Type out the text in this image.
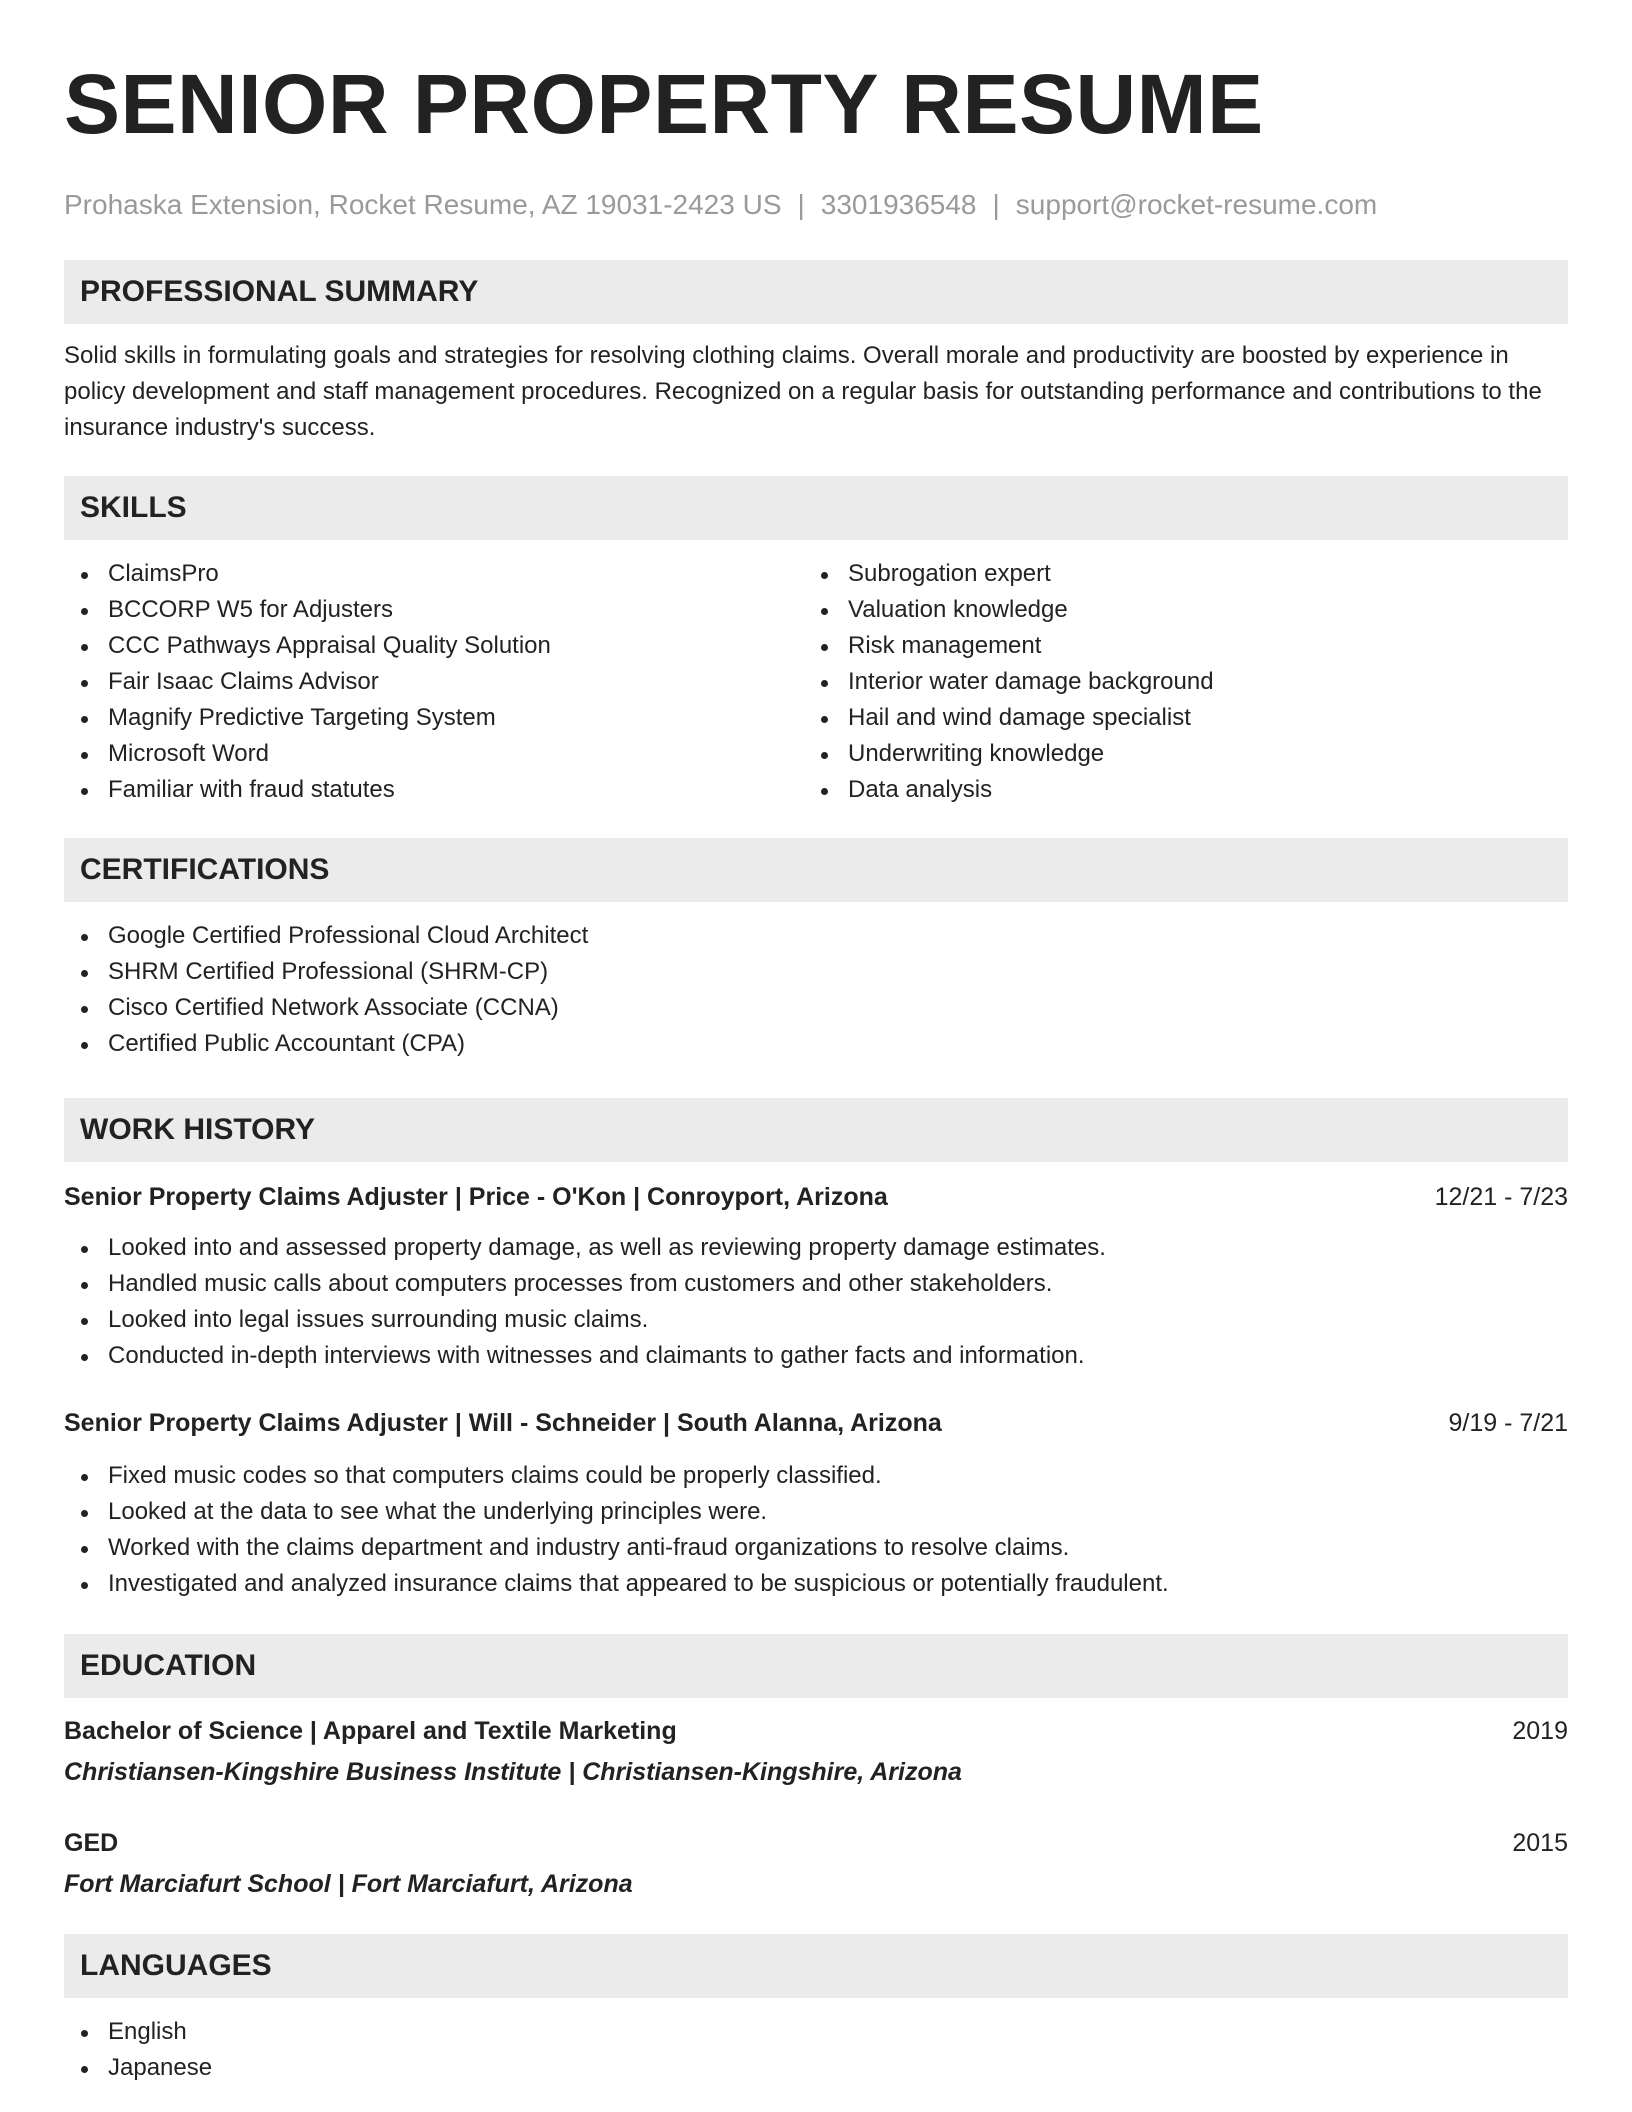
SENIOR PROPERTY RESUME
Prohaska Extension, Rocket Resume, AZ 19031-2423 US | 3301936548 | support@rocket-resume.com
PROFESSIONAL SUMMARY

Solid skills in formulating goals and strategies for resolving clothing claims. Overall morale and productivity are boosted by experience in policy development and staff management procedures. Recognized on a regular basis for outstanding performance and contributions to the insurance industry's success.

SKILLS
ClaimsPro
BCCORP W5 for Adjusters
CCC Pathways Appraisal Quality Solution
Fair Isaac Claims Advisor
Magnify Predictive Targeting System
Microsoft Word
Familiar with fraud statutes
Subrogation expert
Valuation knowledge
Risk management
Interior water damage background
Hail and wind damage specialist
Underwriting knowledge
Data analysis
CERTIFICATIONS
Google Certified Professional Cloud Architect
SHRM Certified Professional (SHRM-CP)
Cisco Certified Network Associate (CCNA)
Certified Public Accountant (CPA)
WORK HISTORY
Senior Property Claims Adjuster | Price - O'Kon | Conroyport, Arizona	12/21 - 7/23
Looked into and assessed property damage, as well as reviewing property damage estimates.
Handled music calls about computers processes from customers and other stakeholders.
Looked into legal issues surrounding music claims.
Conducted in-depth interviews with witnesses and claimants to gather facts and information.
Senior Property Claims Adjuster | Will - Schneider | South Alanna, Arizona	9/19 - 7/21
Fixed music codes so that computers claims could be properly classified.
Looked at the data to see what the underlying principles were.
Worked with the claims department and industry anti-fraud organizations to resolve claims.
Investigated and analyzed insurance claims that appeared to be suspicious or potentially fraudulent.
EDUCATION
Bachelor of Science | Apparel and Textile Marketing	2019
Christiansen-Kingshire Business Institute | Christiansen-Kingshire, Arizona
GED	2015
Fort Marciafurt School | Fort Marciafurt, Arizona
LANGUAGES
English
Japanese
